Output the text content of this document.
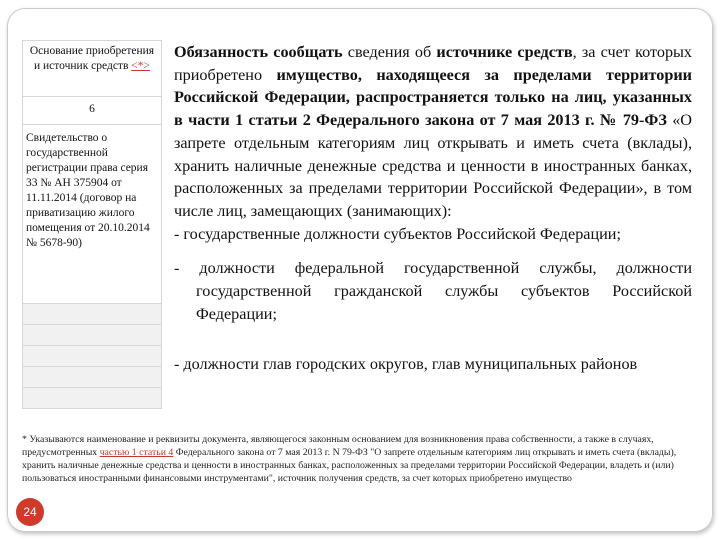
Основание приобретения и источник средств <*>
6
Свидетельство о государственной регистрации права серия 33 № АН 375904 от 11.11.2014 (договор на приватизацию жилого помещения от 20.10.2014 № 5678-90)

Обязанность сообщать сведения об источнике средств, за счет которых приобретено имущество, находящееся за пределами территории Российской Федерации, распространяется только на лиц, указанных в части 1 статьи 2 Федерального закона от 7 мая 2013 г. № 79-ФЗ «О запрете отдельным категориям лиц открывать и иметь счета (вклады), хранить наличные денежные средства и ценности в иностранных банках, расположенных за пределами территории Российской Федерации», в том числе лиц, замещающих (занимающих):

- государственные должности субъектов Российской Федерации;

- должности федеральной государственной службы, должности государственной гражданской службы субъектов Российской Федерации;

- должности глав городских округов, глав муниципальных районов

* Указываются наименование и реквизиты документа, являющегося законным основанием для возникновения права собственности, а также в случаях, предусмотренных частью 1 статьи 4 Федерального закона от 7 мая 2013 г. N 79-ФЗ "О запрете отдельным категориям лиц открывать и иметь счета (вклады), хранить наличные денежные средства и ценности в иностранных банках, расположенных за пределами территории Российской Федерации, владеть и (или) пользоваться иностранными финансовыми инструментами", источник получения средств, за счет которых приобретено имущество
24
